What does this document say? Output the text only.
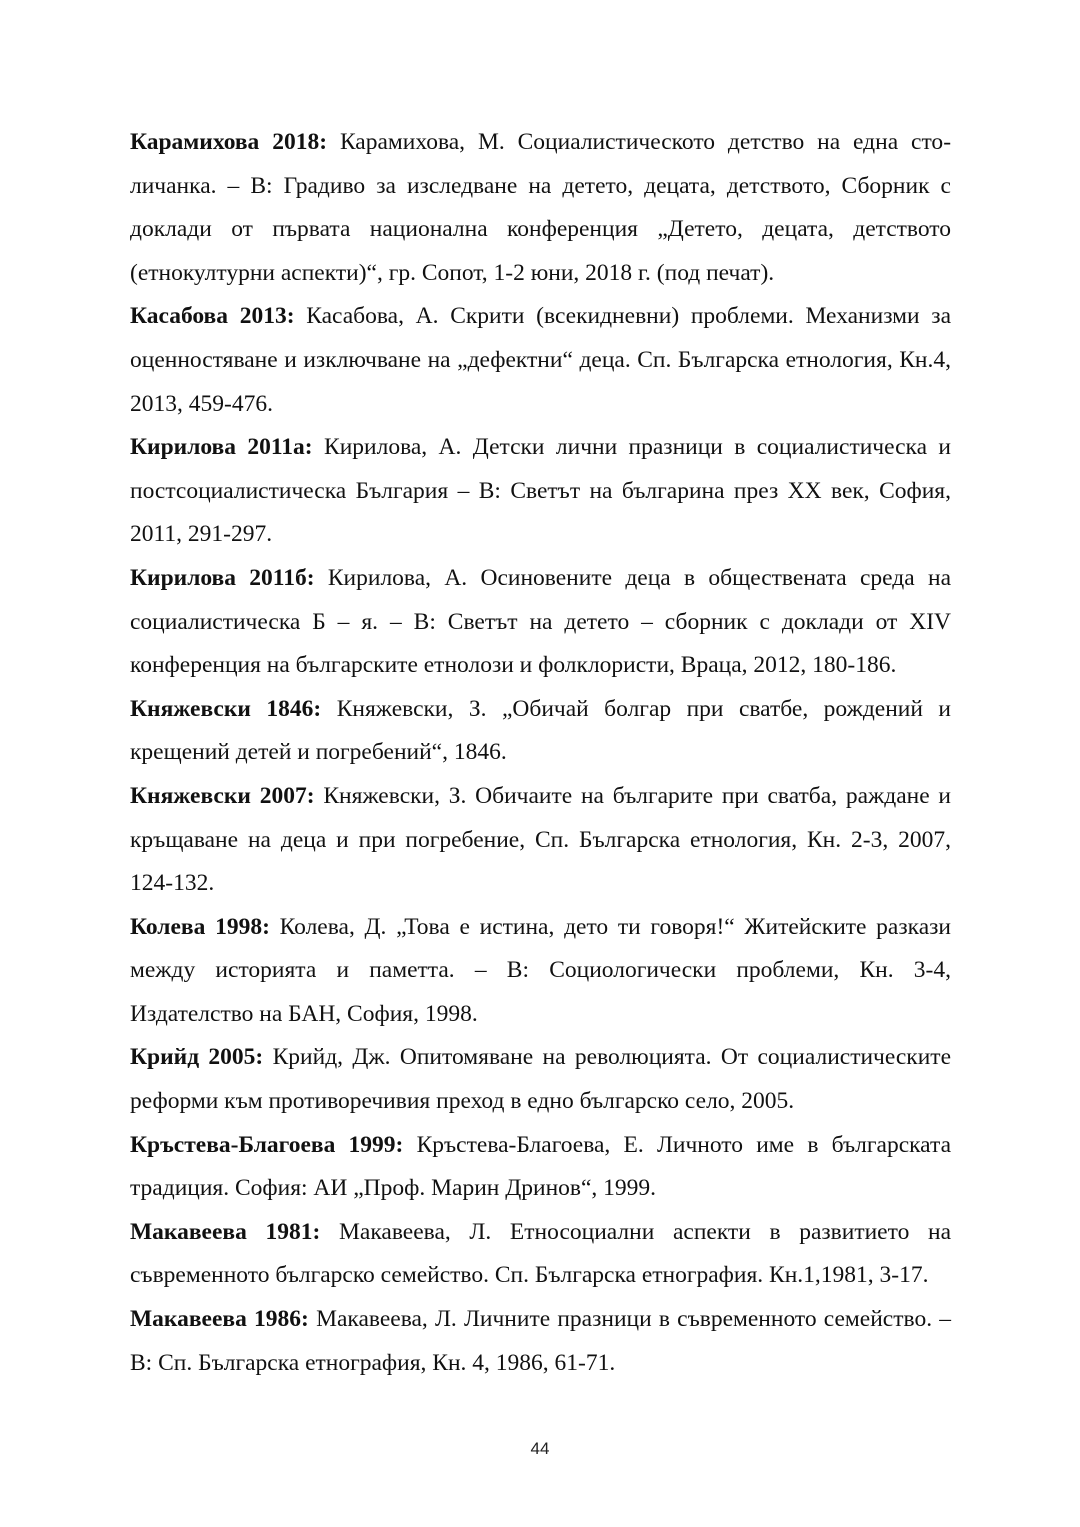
Карамихова 2018: Карамихова, М. Социалистическото детство на една столичанка. – В: Градиво за изследване на детето, децата, детството, Сборник с доклади от първата национална конференция „Детето, децата, детството (етнокултурни аспекти)“, гр. Сопот, 1-2 юни, 2018 г. (под печат).

Касабова 2013: Касабова, А. Скрити (всекидневни) проблеми. Механизми за оценностяване и изключване на „дефектни“ деца. Сп. Българска етнология, Кн.4, 2013, 459-476.

Кирилова 2011а: Кирилова, А. Детски лични празници в социалистическа и постсоциалистическа България – В: Светът на българина през ХХ век, София, 2011, 291-297.

Кирилова 2011б: Кирилова, А. Осиновените деца в обществената среда на социалистическа Б – я. – В: Светът на детето – сборник с доклади от XIV конференция на българските етнолози и фолклористи, Враца, 2012, 180-186.

Княжевски 1846: Княжевски, З. „Обичай болгар при сватбе, рождений и крещений детей и погребений“, 1846.

Княжевски 2007: Княжевски, З. Обичаите на българите при сватба, раждане и кръщаване на деца и при погребение, Сп. Българска етнология, Кн. 2-3, 2007, 124-132.

Колева 1998: Колева, Д. „Това е истина, дето ти говоря!“ Житейските разкази между историята и паметта. – В: Социологически проблеми, Кн. 3-4, Издателство на БАН, София, 1998.

Крийд 2005: Крийд, Дж. Опитомяване на революцията. От социалистическите реформи към противоречивия преход в едно българско село, 2005.

Кръстева-Благоева 1999: Кръстева-Благоева, Е. Личното име в българската традиция. София: АИ „Проф. Марин Дринов“, 1999.

Макавеева 1981: Макавеева, Л. Етносоциални аспекти в развитието на съвременното българско семейство. Сп. Българска етнография. Кн.1,1981, 3-17.

Макавеева 1986: Макавеева, Л. Личните празници в съвременното семейство. – В: Сп. Българска етнография, Кн. 4, 1986, 61-71.

44
